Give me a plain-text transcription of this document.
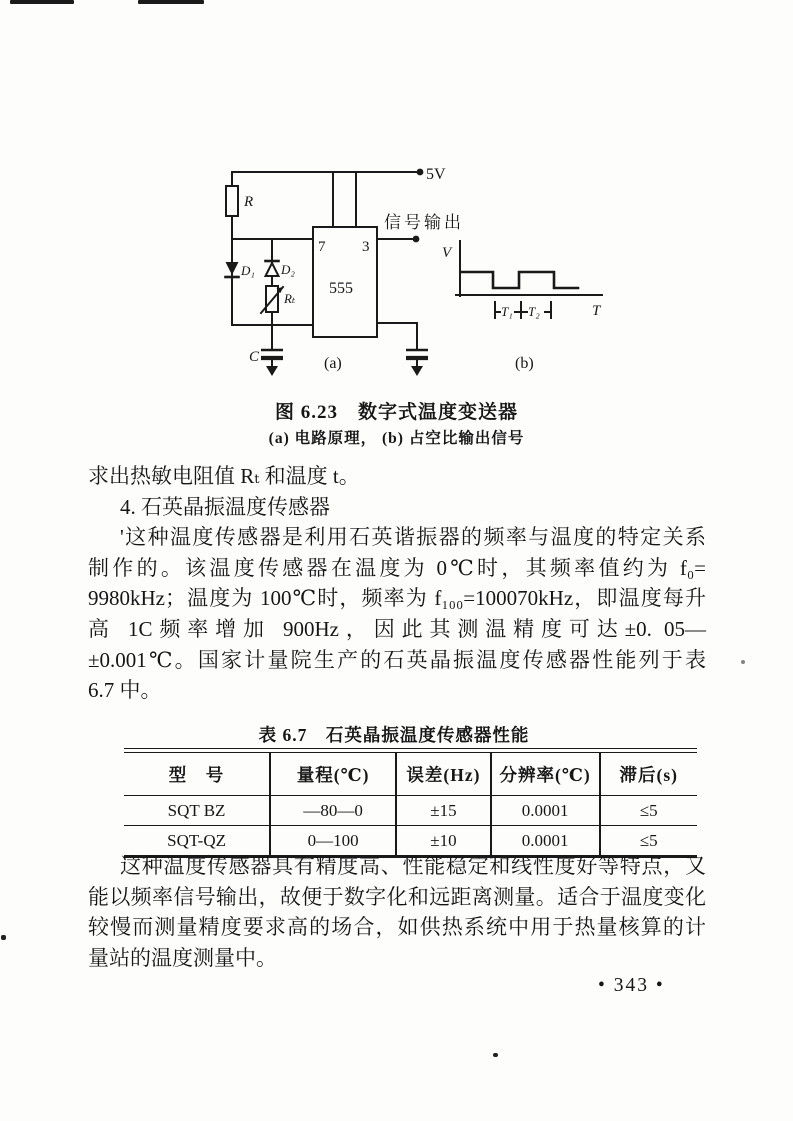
5V
信号输出
R
D₁ D₂
Rₜ
C
7 3
555
(a)
V
T
T₁ T₂
(b)
图 6.23　数字式温度变送器
(a) 电路原理， (b) 占空比输出信号
求出热敏电阻值 Rₜ 和温度 t。
4. 石英晶振温度传感器
'这种温度传感器是利用石英谐振器的频率与温度的特定关系
制作的。该温度传感器在温度为 0℃时，其频率值约为 f₀=
9980kHz；温度为 100℃时，频率为 f₁₀₀=100070kHz，即温度每升
高 1C频率增加 900Hz，因此其测温精度可达±0. 05—
±0.001℃。国家计量院生产的石英晶振温度传感器性能列于表
6.7 中。
表 6.7　石英晶振温度传感器性能
型　号	量程(℃)	误差(Hz)	分辨率(℃)	滞后(s)
SQT BZ	—80—0	±15	0.0001	≤5
SQT-QZ	0—100	±10	0.0001	≤5
这种温度传感器具有精度高、性能稳定和线性度好等特点，又
能以频率信号输出，故便于数字化和远距离测量。适合于温度变化
较慢而测量精度要求高的场合，如供热系统中用于热量核算的计
量站的温度测量中。
• 343 •
